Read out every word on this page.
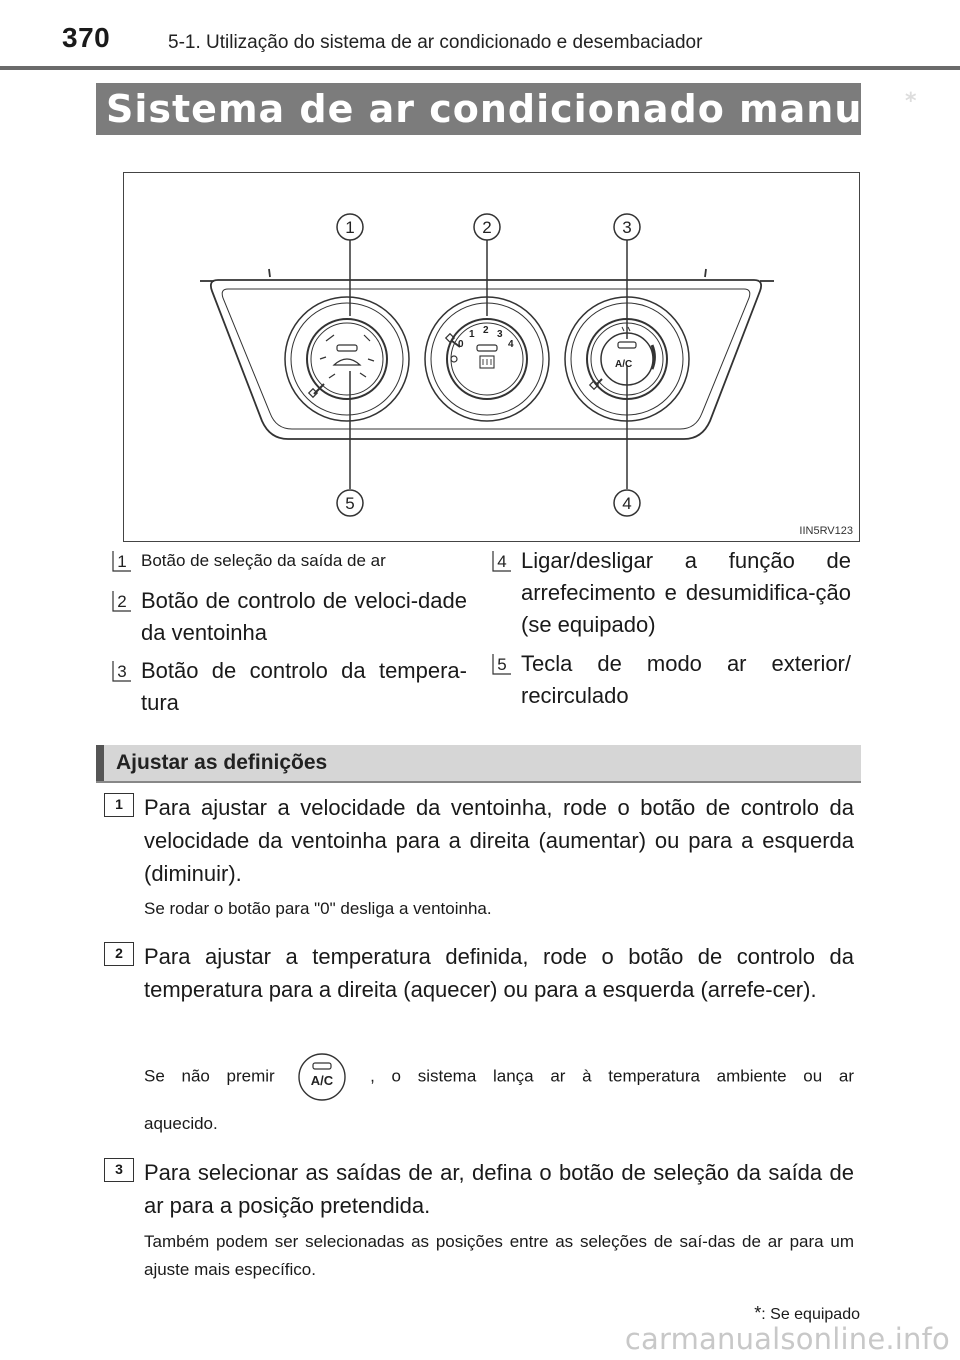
370	5-1. Utilização do sistema de ar condicionado e desembaciador
Sistema de ar condicionado manual*
0
1 2 3
4
A/C
1	2	3
4
5
IIN5RV123
1 Botão de seleção da saída de ar
2 Botão de controlo de veloci-dade da ventoinha
3 Botão de controlo da tempera-tura
4 Ligar/desligar a função de arrefecimento e desumidifica-ção (se equipado)
5 Tecla de modo ar exterior/ recirculado
Ajustar as definições
1 Para ajustar a velocidade da ventoinha, rode o botão de controlo da velocidade da ventoinha para a direita (aumentar) ou para a esquerda (diminuir).
Se rodar o botão para "0" desliga a ventoinha.
2 Para ajustar a temperatura definida, rode o botão de controlo da temperatura para a direita (aquecer) ou para a esquerda (arrefe-cer).
Se não premir	A/C , o sistema lança ar à temperatura ambiente ou ar
aquecido.
3 Para selecionar as saídas de ar, defina o botão de seleção da saída de ar para a posição pretendida.
Também podem ser selecionadas as posições entre as seleções de saí-das de ar para um ajuste mais específico.
*: Se equipado
carmanualsonline.info
